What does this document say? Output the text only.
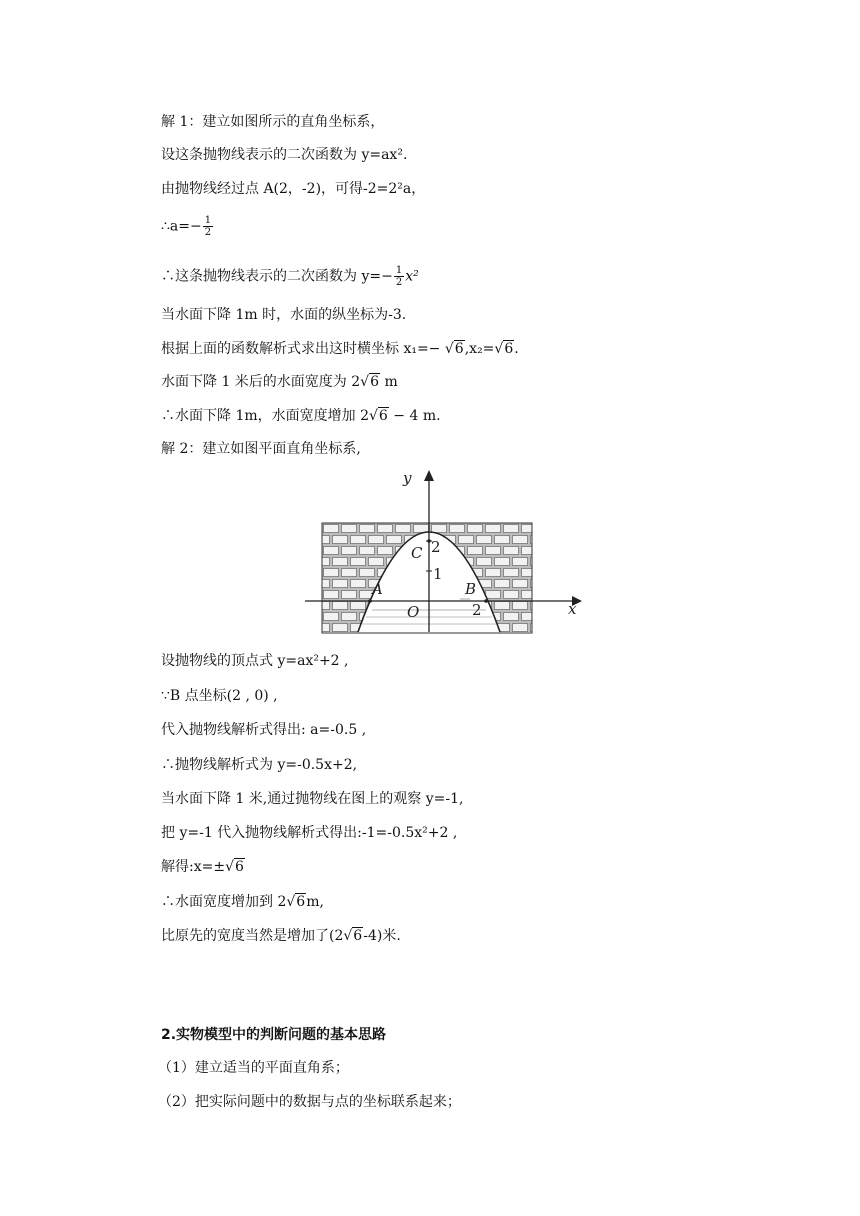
解 1：建立如图所示的直角坐标系，
设这条抛物线表示的二次函数为 y=ax².
由抛物线经过点 A(2，-2)，可得-2=2²a，
∴a=− $\frac{1}{2}$
∴这条抛物线表示的二次函数为 $y=- \frac{1}{2} x^2$
当水面下降 1m 时，水面的纵坐标为-3.
根据上面的函数解析式求出这时横坐标 x₁=− √6,x₂=√6.
水面下降 1 米后的水面宽度为 2√6 m
∴水面下降 1m，水面宽度增加 2√6 − 4 m.
解 2：建立如图平面直角坐标系,
y
x
C 2
1
A	B
O	2
设抛物线的顶点式 y=ax²+2 ,
∵B 点坐标(2 , 0) ,
代入抛物线解析式得出: a=-0.5 ,
∴抛物线解析式为 y=-0.5x+2,
当水面下降 1 米,通过抛物线在图上的观察 y=-1,
把 y=-1 代入抛物线解析式得出:-1=-0.5x²+2 ,
解得:x=±√6
∴水面宽度增加到 2√6m,
比原先的宽度当然是增加了(2√6-4)米.
2.实物模型中的判断问题的基本思路
（1）建立适当的平面直角系；
（2）把实际问题中的数据与点的坐标联系起来；
